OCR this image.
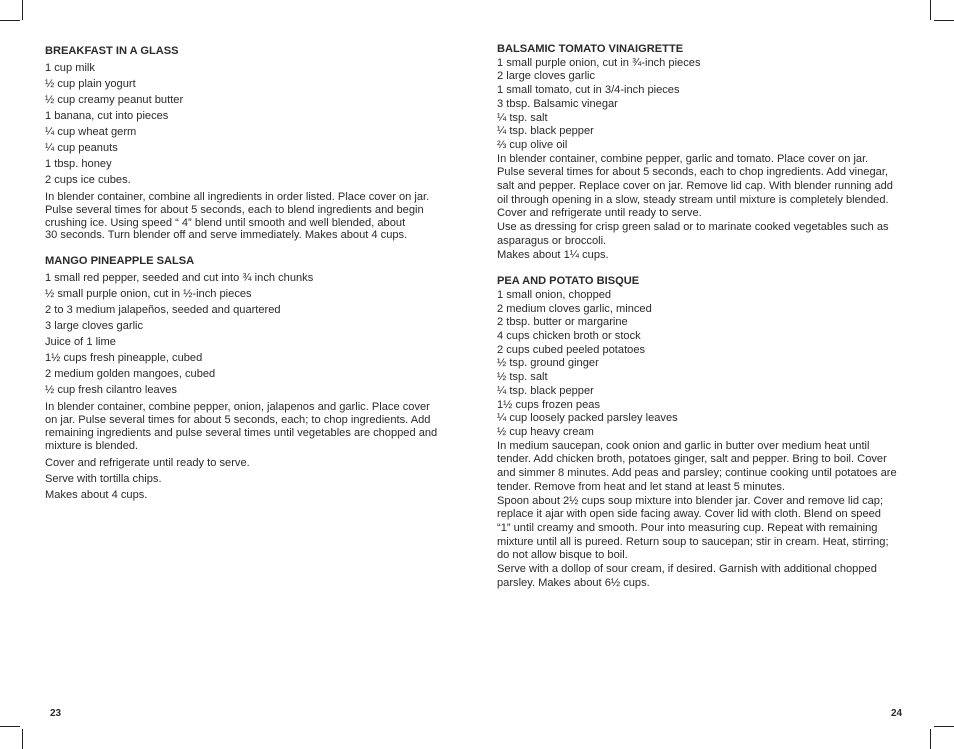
BREAKFAST IN A GLASS
1 cup milk
½ cup plain yogurt
½ cup creamy peanut butter
1 banana, cut into pieces
¼ cup wheat germ
¼ cup peanuts
1 tbsp. honey
2 cups ice cubes.
In blender container, combine all ingredients in order listed. Place cover on jar.
Pulse several times for about 5 seconds, each to blend ingredients and begin
crushing ice. Using speed “ 4” blend until smooth and well blended, about
30 seconds. Turn blender off and serve immediately. Makes about 4 cups.
MANGO PINEAPPLE SALSA
1 small red pepper, seeded and cut into ¾ inch chunks
½ small purple onion, cut in ½-inch pieces
2 to 3 medium jalapeños, seeded and quartered
3 large cloves garlic
Juice of 1 lime
1½ cups fresh pineapple, cubed
2 medium golden mangoes, cubed
½ cup fresh cilantro leaves
In blender container, combine pepper, onion, jalapenos and garlic. Place cover
on jar. Pulse several times for about 5 seconds, each; to chop ingredients. Add
remaining ingredients and pulse several times until vegetables are chopped and
mixture is blended.
Cover and refrigerate until ready to serve.
Serve with tortilla chips.
Makes about 4 cups.
BALSAMIC TOMATO VINAIGRETTE
1 small purple onion, cut in ¾-inch pieces
2 large cloves garlic
1 small tomato, cut in 3/4-inch pieces
3 tbsp. Balsamic vinegar
¼ tsp. salt
¼ tsp. black pepper
⅔ cup olive oil
In blender container, combine pepper, garlic and tomato. Place cover on jar.
Pulse several times for about 5 seconds, each to chop ingredients. Add vinegar,
salt and pepper. Replace cover on jar. Remove lid cap. With blender running add
oil through opening in a slow, steady stream until mixture is completely blended.
Cover and refrigerate until ready to serve.
Use as dressing for crisp green salad or to marinate cooked vegetables such as
asparagus or broccoli.
Makes about 1¼ cups.
PEA AND POTATO BISQUE
1 small onion, chopped
2 medium cloves garlic, minced
2 tbsp. butter or margarine
4 cups chicken broth or stock
2 cups cubed peeled potatoes
½ tsp. ground ginger
½ tsp. salt
¼ tsp. black pepper
1½ cups frozen peas
¼ cup loosely packed parsley leaves
½ cup heavy cream
In medium saucepan, cook onion and garlic in butter over medium heat until
tender. Add chicken broth, potatoes ginger, salt and pepper. Bring to boil. Cover
and simmer 8 minutes. Add peas and parsley; continue cooking until potatoes are
tender. Remove from heat and let stand at least 5 minutes.
Spoon about 2½ cups soup mixture into blender jar. Cover and remove lid cap;
replace it ajar with open side facing away. Cover lid with cloth. Blend on speed
“1” until creamy and smooth. Pour into measuring cup. Repeat with remaining
mixture until all is pureed. Return soup to saucepan; stir in cream. Heat, stirring;
do not allow bisque to boil.
Serve with a dollop of sour cream, if desired. Garnish with additional chopped
parsley. Makes about 6½ cups.
23	24
